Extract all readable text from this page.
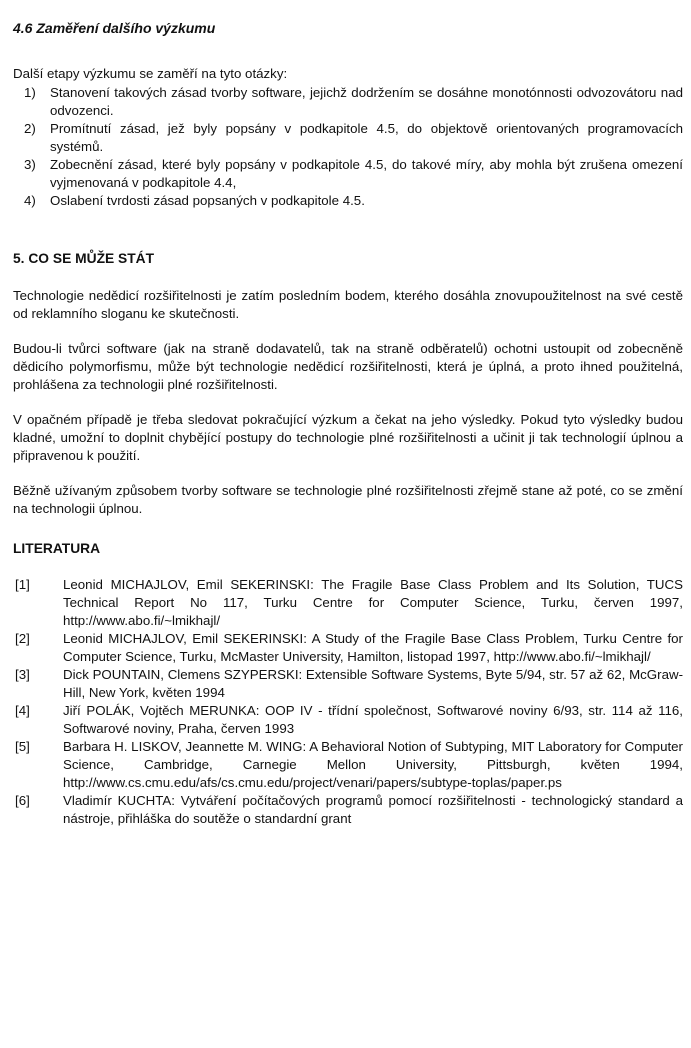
4.6 Zaměření dalšího výzkumu

Další etapy výzkumu se zaměří na tyto otázky:

1)	Stanovení takových zásad tvorby software, jejichž dodržením se dosáhne monotónnosti odvozovátoru nad odvozenci.
2)	Promítnutí zásad, jež byly popsány v podkapitole 4.5, do objektově orientovaných programovacích systémů.
3)	Zobecnění zásad, které byly popsány v podkapitole 4.5, do takové míry, aby mohla být zrušena omezení vyjmenovaná v podkapitole 4.4,
4)	Oslabení tvrdosti zásad popsaných v podkapitole 4.5.
5. CO SE MŮŽE STÁT

Technologie nedědicí rozšiřitelnosti je zatím posledním bodem, kterého dosáhla znovupoužitelnost na své cestě od reklamního sloganu ke skutečnosti.

Budou-li tvůrci software (jak na straně dodavatelů, tak na straně odběratelů) ochotni ustoupit od zobecněně dědicího polymorfismu, může být technologie nedědicí rozšiřitelnosti, která je úplná, a proto ihned použitelná, prohlášena za technologii plné rozšiřitelnosti.

V opačném případě je třeba sledovat pokračující výzkum a čekat na jeho výsledky. Pokud tyto výsledky budou kladné, umožní to doplnit chybějící postupy do technologie plné rozšiřitelnosti a učinit ji tak technologií úplnou a připravenou k použití.

Běžně užívaným způsobem tvorby software se technologie plné rozšiřitelnosti zřejmě stane až poté, co se změní na technologii úplnou.

LITERATURA
[1]	Leonid MICHAJLOV, Emil SEKERINSKI: The Fragile Base Class Problem and Its Solution, TUCS Technical Report No 117, Turku Centre for Computer Science, Turku, červen 1997, http://www.abo.fi/~lmikhajl/
[2]	Leonid MICHAJLOV, Emil SEKERINSKI: A Study of the Fragile Base Class Problem, Turku Centre for Computer Science, Turku, McMaster University, Hamilton, listopad 1997, http://www.abo.fi/~lmikhajl/
[3]	Dick POUNTAIN, Clemens SZYPERSKI: Extensible Software Systems, Byte 5/94, str. 57 až 62, McGraw-Hill, New York, květen 1994
[4]	Jiří POLÁK, Vojtěch MERUNKA: OOP IV - třídní společnost, Softwarové noviny 6/93, str. 114 až 116, Softwarové noviny, Praha, červen 1993
[5]	Barbara H. LISKOV, Jeannette M. WING: A Behavioral Notion of Subtyping, MIT Laboratory for Computer Science, Cambridge, Carnegie Mellon University, Pittsburgh, květen 1994, http://www.cs.cmu.edu/afs/cs.cmu.edu/project/venari/papers/subtype-toplas/paper.ps
[6]	Vladimír KUCHTA: Vytváření počítačových programů pomocí rozšiřitelnosti - technologický standard a nástroje, přihláška do soutěže o standardní grant
